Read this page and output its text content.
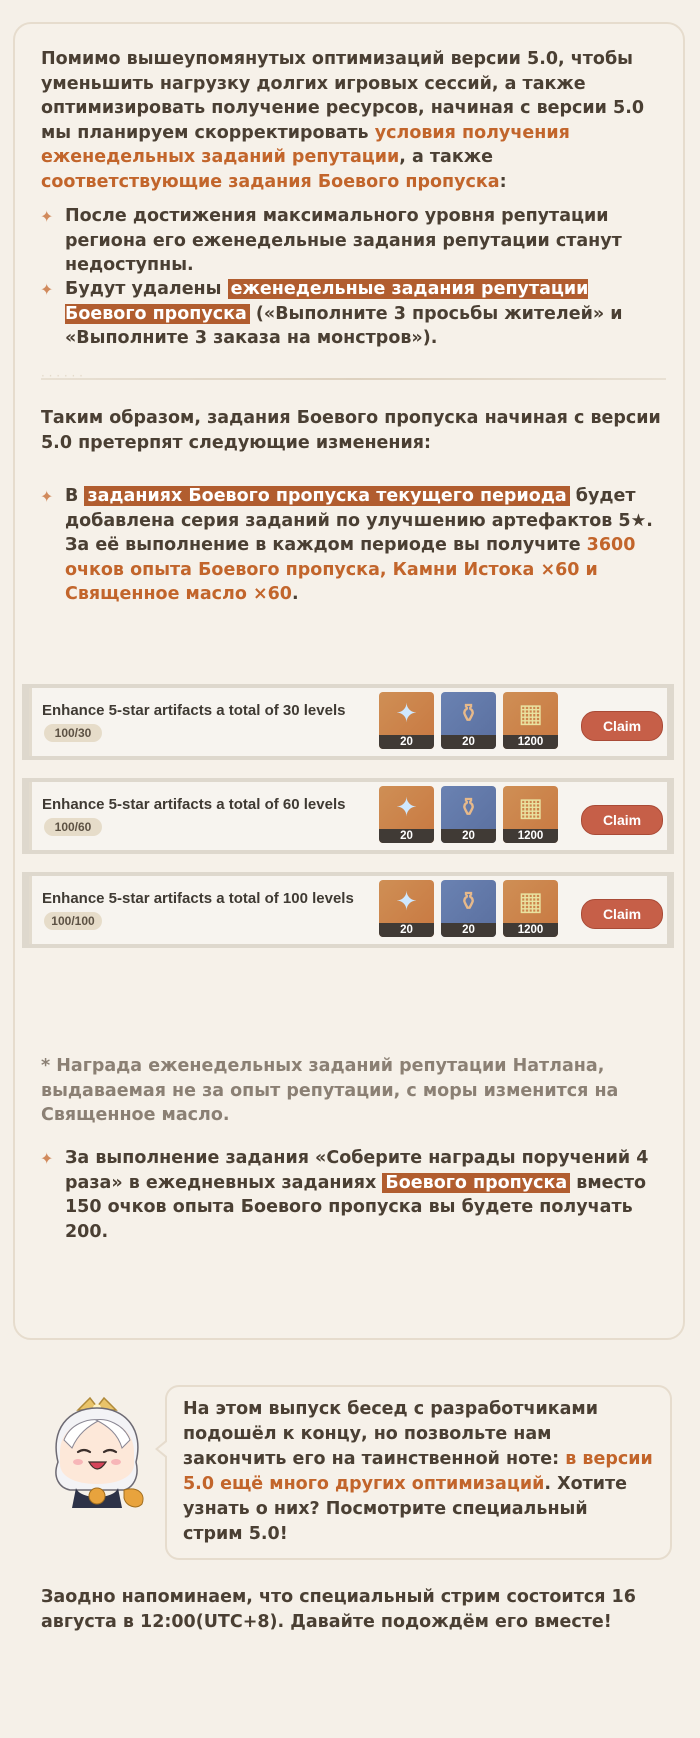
Помимо вышеупомянутых оптимизаций версии 5.0, чтобы уменьшить нагрузку долгих игровых сессий, а также оптимизировать получение ресурсов, начиная с версии 5.0 мы планируем скорректировать условия получения еженедельных заданий репутации, а также соответствующие задания Боевого пропуска:
✦ После достижения максимального уровня репутации региона его еженедельные задания репутации станут недоступны.
✦ Будут удалены еженедельные задания репутации Боевого пропуска («Выполните 3 просьбы жителей» и «Выполните 3 заказа на монстров»).
· · ·
Таким образом, задания Боевого пропуска начиная с версии 5.0 претерпят следующие изменения:
✦ В заданиях Боевого пропуска текущего периода будет добавлена серия заданий по улучшению артефактов 5★. За её выполнение в каждом периоде вы получите 3600 очков опыта Боевого пропуска, Камни Истока ×60 и Священное масло ×60.
Enhance 5-star artifacts a total of 30 levels
100/30
✦
20
⚱
20
▦
1200
Claim
Enhance 5-star artifacts a total of 60 levels
100/60
✦
20
⚱
20
▦
1200
Claim
Enhance 5-star artifacts a total of 100 levels
100/100
✦
20
⚱
20
▦
1200
Claim
* Награда еженедельных заданий репутации Натлана, выдаваемая не за опыт репутации, с моры изменится на Священное масло.
✦ За выполнение задания «Соберите награды поручений 4 раза» в ежедневных заданиях Боевого пропуска вместо 150 очков опыта Боевого пропуска вы будете получать 200.
На этом выпуск бесед с разработчиками подошёл к концу, но позвольте нам закончить его на таинственной ноте: в версии 5.0 ещё много других оптимизаций. Хотите узнать о них? Посмотрите специальный стрим 5.0!
Заодно напоминаем, что специальный стрим состоится 16 августа в 12:00(UTC+8). Давайте подождём его вместе!
